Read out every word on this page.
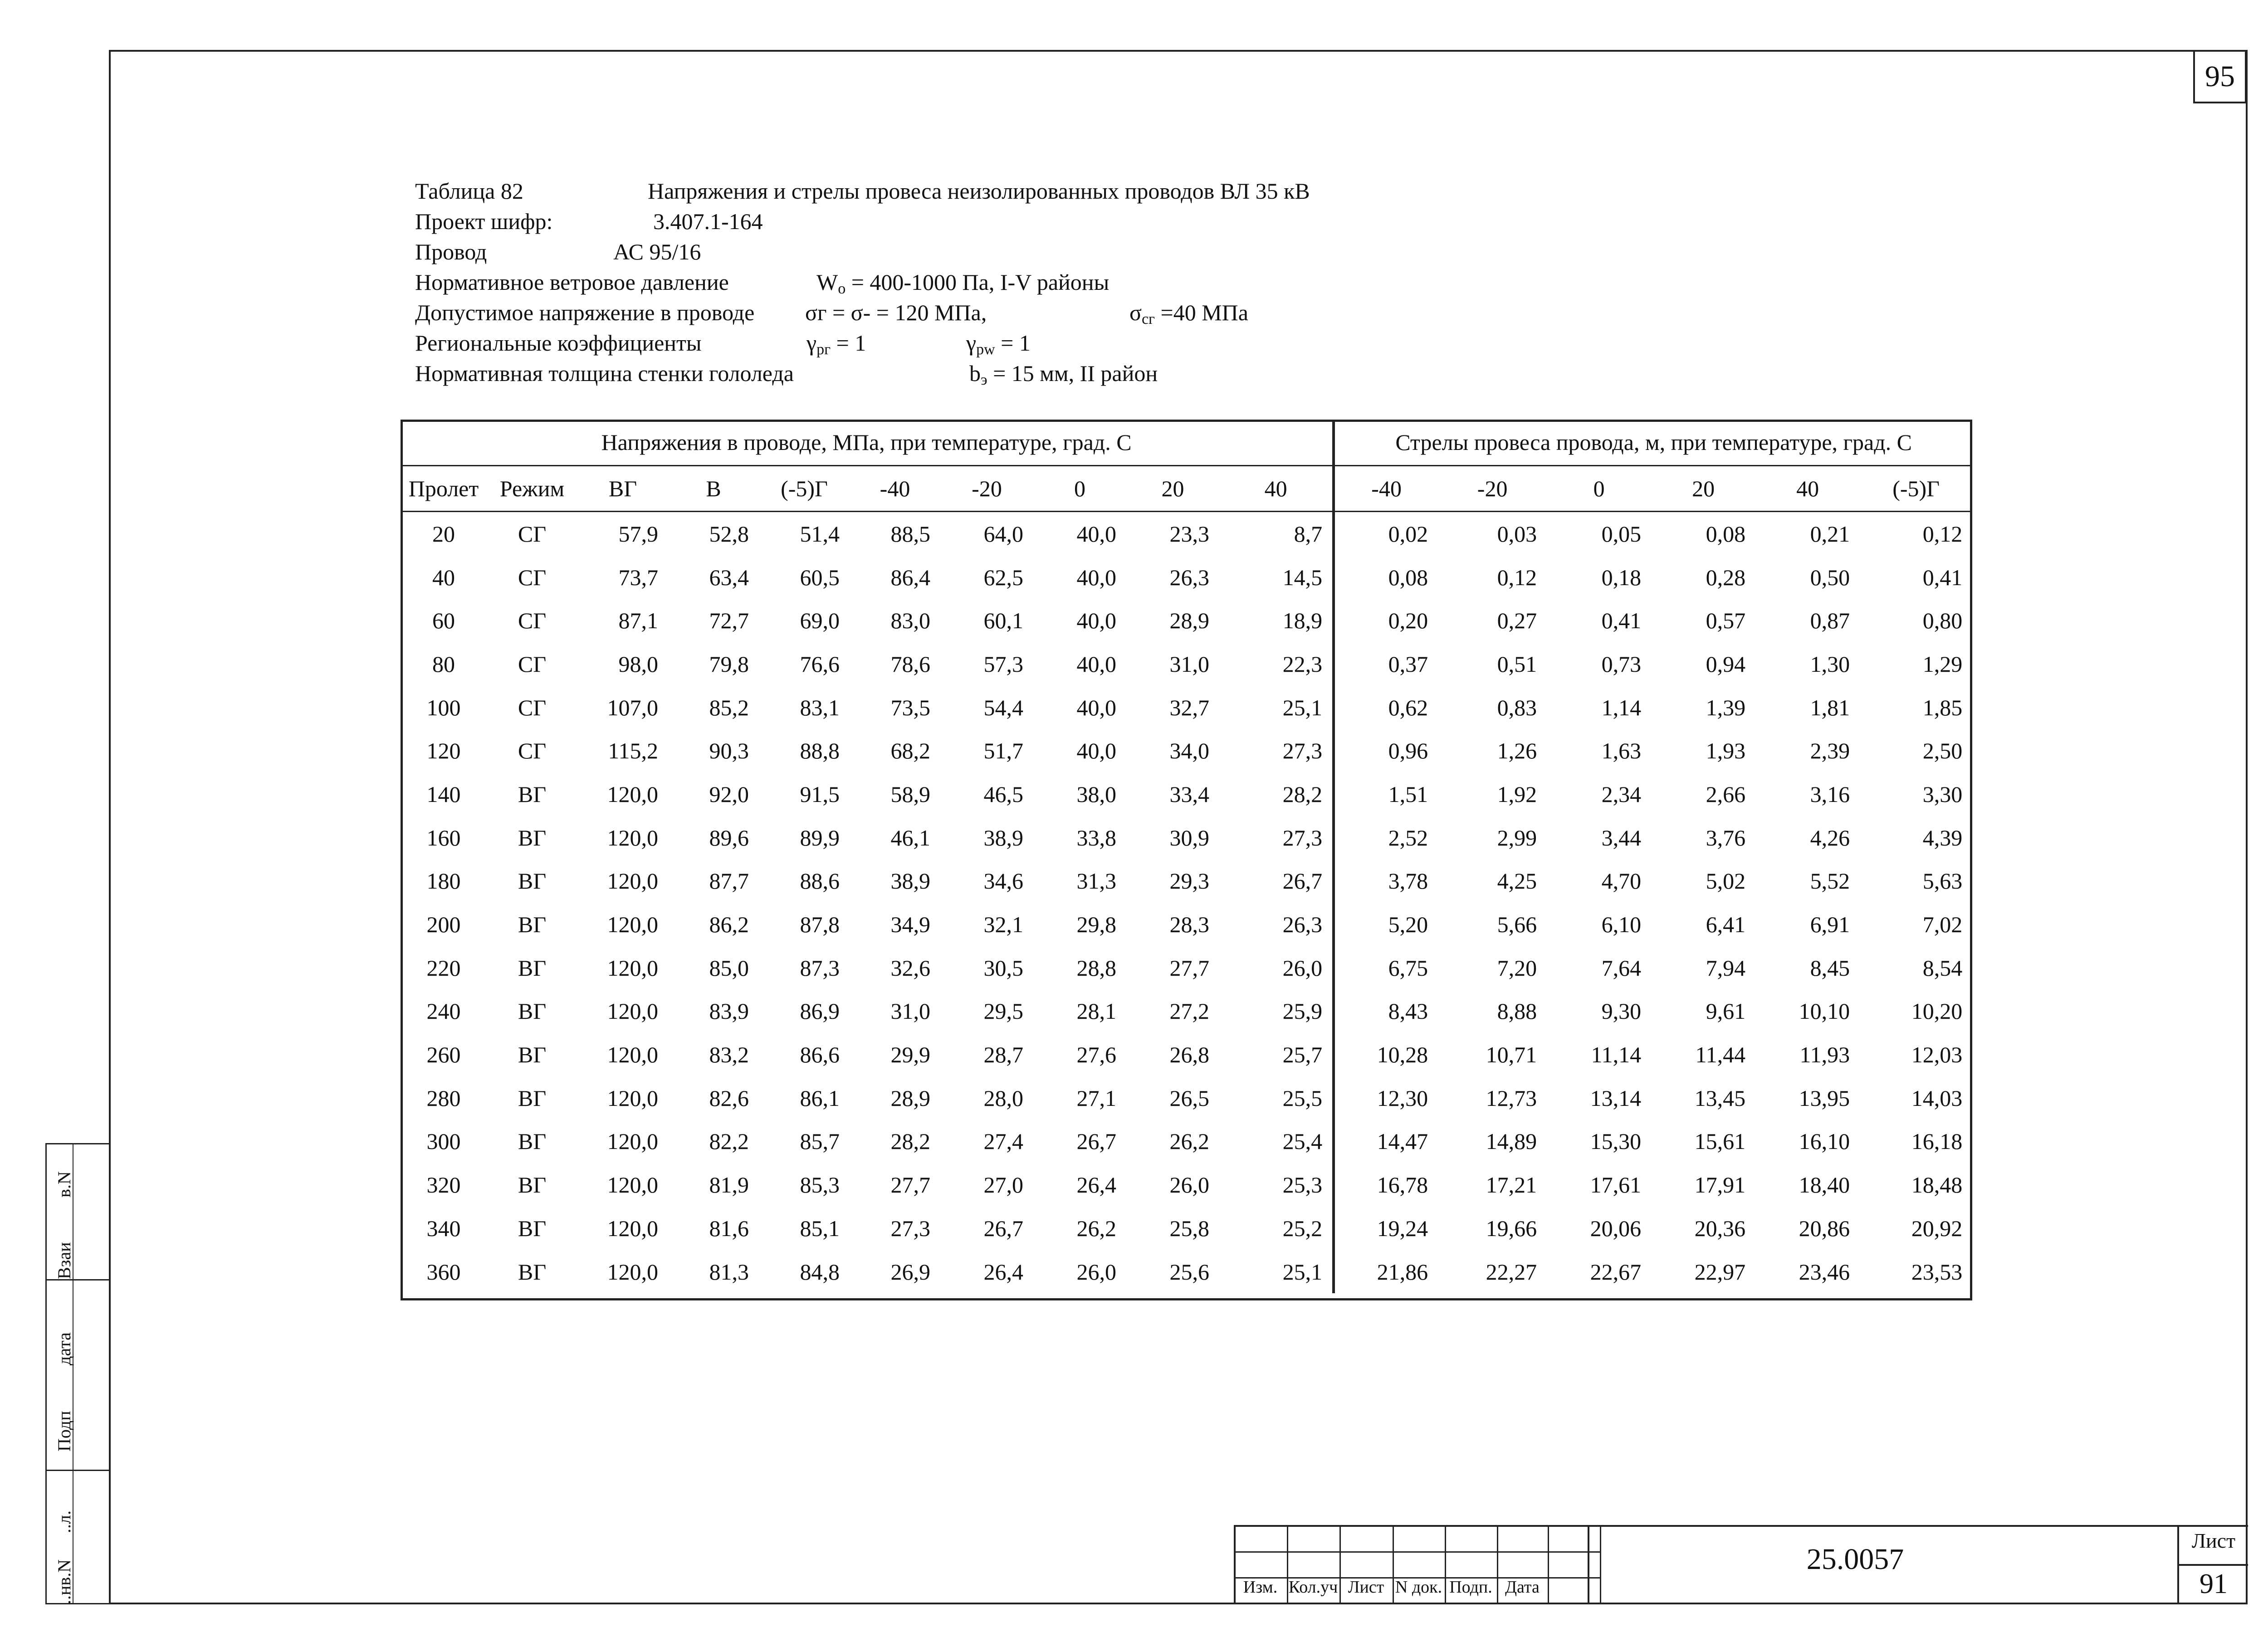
95
Таблица 82	Напряжения и стрелы провеса неизолированных проводов ВЛ 35 кВ
Проект шифр:	3.407.1-164
Провод	АС 95/16
Нормативное ветровое давление	$W_o = 400-1000$ Па, I-V районы
Допустимое напряжение в проводе σг = σ- = 120 МПа,	$\sigma_{сг} =40$ МПа
Региональные коэффициенты	$\gamma_{рг} = 1$	$\gamma_{рw} = 1$
Нормативная толщина стенки гололеда	$b_э = 15$ мм, II район
Напряжения в проводе, МПа, при температуре, град. С										Стрелы провеса провода, м, при температуре, град. С					
Пролет	Режим	ВГ	В	(-5)Г	-40	-20	0	20	40	-40	-20	0	20	40	(-5)Г
20	СГ	57,9	52,8	51,4	88,5	64,0	40,0	23,3	8,7	0,02	0,03	0,05	0,08	0,21	0,12
40	СГ	73,7	63,4	60,5	86,4	62,5	40,0	26,3	14,5	0,08	0,12	0,18	0,28	0,50	0,41
60	СГ	87,1	72,7	69,0	83,0	60,1	40,0	28,9	18,9	0,20	0,27	0,41	0,57	0,87	0,80
80	СГ	98,0	79,8	76,6	78,6	57,3	40,0	31,0	22,3	0,37	0,51	0,73	0,94	1,30	1,29
100	СГ	107,0	85,2	83,1	73,5	54,4	40,0	32,7	25,1	0,62	0,83	1,14	1,39	1,81	1,85
120	СГ	115,2	90,3	88,8	68,2	51,7	40,0	34,0	27,3	0,96	1,26	1,63	1,93	2,39	2,50
140	ВГ	120,0	92,0	91,5	58,9	46,5	38,0	33,4	28,2	1,51	1,92	2,34	2,66	3,16	3,30
160	ВГ	120,0	89,6	89,9	46,1	38,9	33,8	30,9	27,3	2,52	2,99	3,44	3,76	4,26	4,39
180	ВГ	120,0	87,7	88,6	38,9	34,6	31,3	29,3	26,7	3,78	4,25	4,70	5,02	5,52	5,63
200	ВГ	120,0	86,2	87,8	34,9	32,1	29,8	28,3	26,3	5,20	5,66	6,10	6,41	6,91	7,02
220	ВГ	120,0	85,0	87,3	32,6	30,5	28,8	27,7	26,0	6,75	7,20	7,64	7,94	8,45	8,54
240	ВГ	120,0	83,9	86,9	31,0	29,5	28,1	27,2	25,9	8,43	8,88	9,30	9,61	10,10	10,20
260	ВГ	120,0	83,2	86,6	29,9	28,7	27,6	26,8	25,7	10,28	10,71	11,14	11,44	11,93	12,03
280	ВГ	120,0	82,6	86,1	28,9	28,0	27,1	26,5	25,5	12,30	12,73	13,14	13,45	13,95	14,03
300	ВГ	120,0	82,2	85,7	28,2	27,4	26,7	26,2	25,4	14,47	14,89	15,30	15,61	16,10	16,18
320	ВГ	120,0	81,9	85,3	27,7	27,0	26,4	26,0	25,3	16,78	17,21	17,61	17,91	18,40	18,48
340	ВГ	120,0	81,6	85,1	27,3	26,7	26,2	25,8	25,2	19,24	19,66	20,06	20,36	20,86	20,92
360	ВГ	120,0	81,3	84,8	26,9	26,4	26,0	25,6	25,1	21,86	22,27	22,67	22,97	23,46	23,53
25.0057
Лист
91
в.N
Взаи
дата
Подп
..л.
..нв.N	Изм. Кол.уч Лист N док. Подп. Дата
